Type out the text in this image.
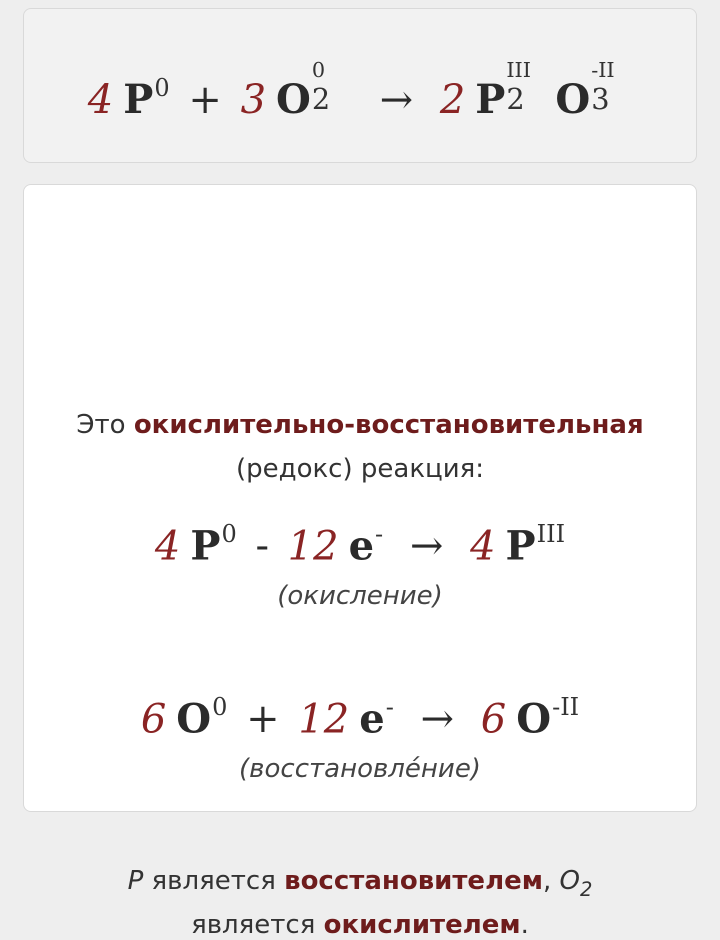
4 $P^0 + 3$ O
0
2 → 2 P
III
2 O
-II
3
Это окислительно-восстановительная
(редокс) реакция:
4 $P^0 - 12$ e- → 4 $P^{III}$
(окисление)
6 $O^0 + 12$ e- → 6 $O^{-II}$
(восстановле́ние)
P является восстановителем, $O_2$
является окислителем.
